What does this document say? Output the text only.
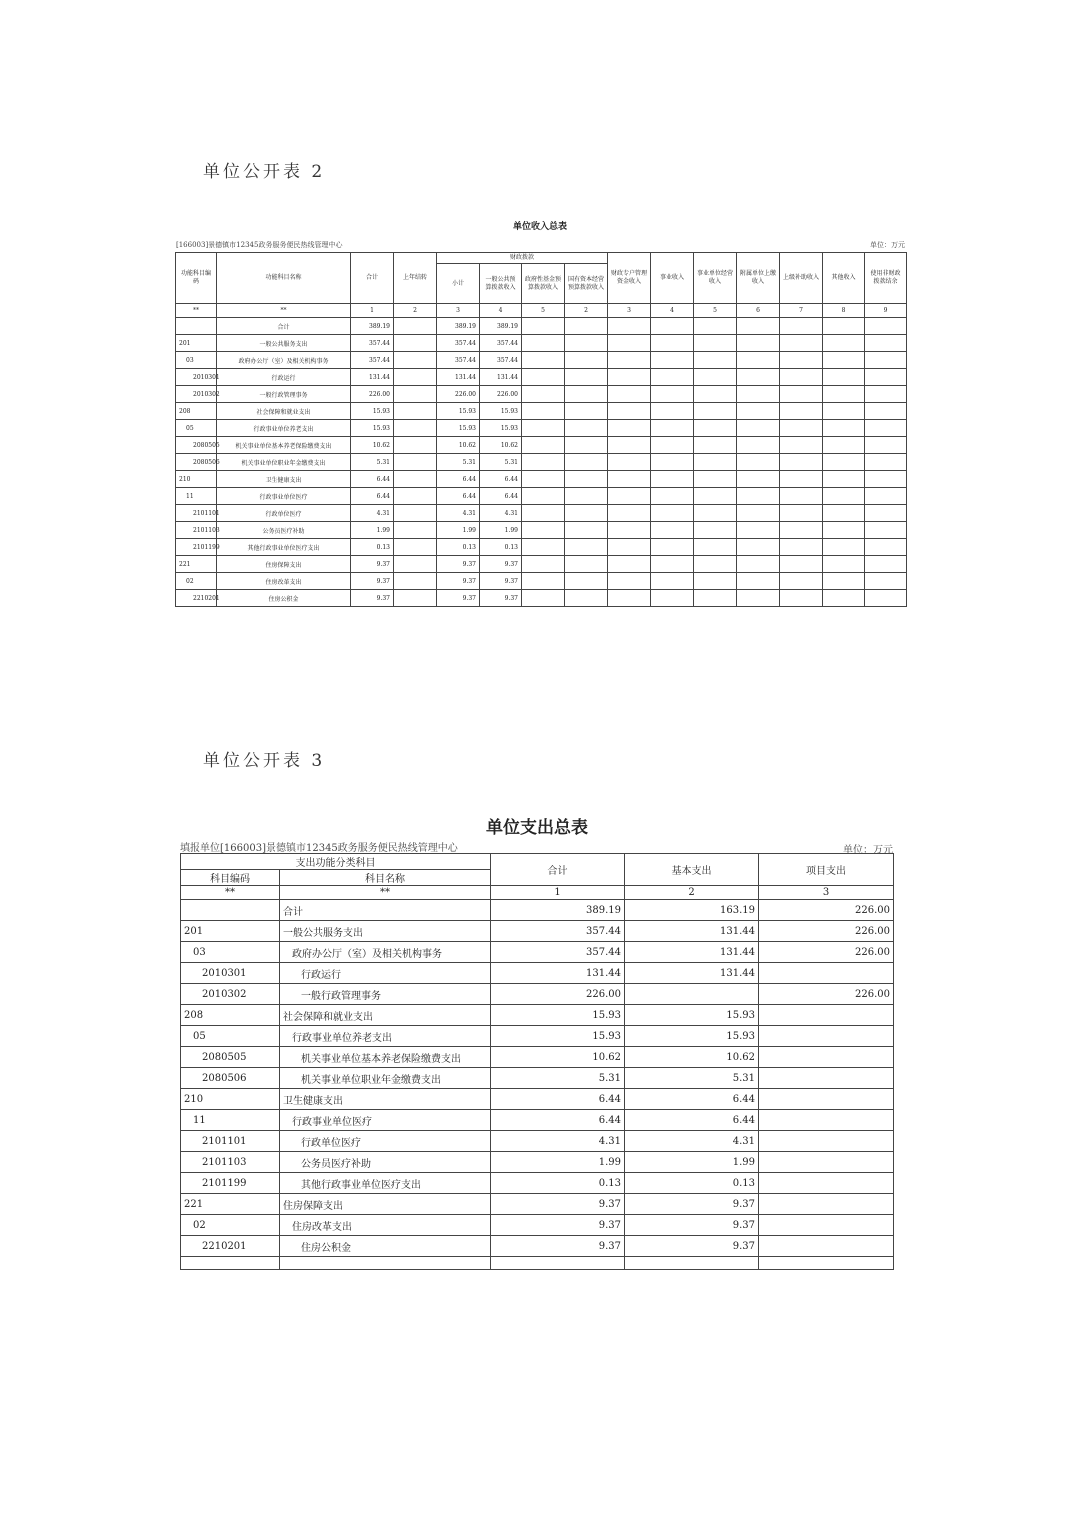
单位公开表 2
单位收入总表
[166003]景德镇市12345政务服务便民热线管理中心	单位：万元
功能科目编码	功能科目名称	合计	上年结转	财政拨款				财政专户管理资金收入	事业收入	事业单位经营收入	附属单位上缴收入	上级补助收入	其他收入	使用非财政拨款结余
				小计	一般公共预算拨款收入	政府性基金预算拨款收入	国有资本经营预算拨款收入							
**	**	1	2	3	4	5	2	3	4	5	6	7	8	9
	合计	389.19		389.19	389.19									
201	一般公共服务支出	357.44		357.44	357.44									
03	政府办公厅（室）及相关机构事务	357.44		357.44	357.44									
2010301	行政运行	131.44		131.44	131.44									
2010302	一般行政管理事务	226.00		226.00	226.00									
208	社会保障和就业支出	15.93		15.93	15.93									
05	行政事业单位养老支出	15.93		15.93	15.93									
2080505	机关事业单位基本养老保险缴费支出	10.62		10.62	10.62									
2080506	机关事业单位职业年金缴费支出	5.31		5.31	5.31									
210	卫生健康支出	6.44		6.44	6.44									
11	行政事业单位医疗	6.44		6.44	6.44									
2101101	行政单位医疗	4.31		4.31	4.31									
2101103	公务员医疗补助	1.99		1.99	1.99									
2101199	其他行政事业单位医疗支出	0.13		0.13	0.13									
221	住房保障支出	9.37		9.37	9.37									
02	住房改革支出	9.37		9.37	9.37									
2210201	住房公积金	9.37		9.37	9.37									
单位公开表 3
单位支出总表
填报单位[166003]景德镇市12345政务服务便民热线管理中心	单位：万元
支出功能分类科目		合计	基本支出	项目支出
科目编码	科目名称			
**	**	1	2	3
	合计	389.19	163.19	226.00
201	一般公共服务支出	357.44	131.44	226.00
03	政府办公厅（室）及相关机构事务	357.44	131.44	226.00
2010301	行政运行	131.44	131.44	
2010302	一般行政管理事务	226.00		226.00
208	社会保障和就业支出	15.93	15.93	
05	行政事业单位养老支出	15.93	15.93	
2080505	机关事业单位基本养老保险缴费支出	10.62	10.62	
2080506	机关事业单位职业年金缴费支出	5.31	5.31	
210	卫生健康支出	6.44	6.44	
11	行政事业单位医疗	6.44	6.44	
2101101	行政单位医疗	4.31	4.31	
2101103	公务员医疗补助	1.99	1.99	
2101199	其他行政事业单位医疗支出	0.13	0.13	
221	住房保障支出	9.37	9.37	
02	住房改革支出	9.37	9.37	
2210201	住房公积金	9.37	9.37	
